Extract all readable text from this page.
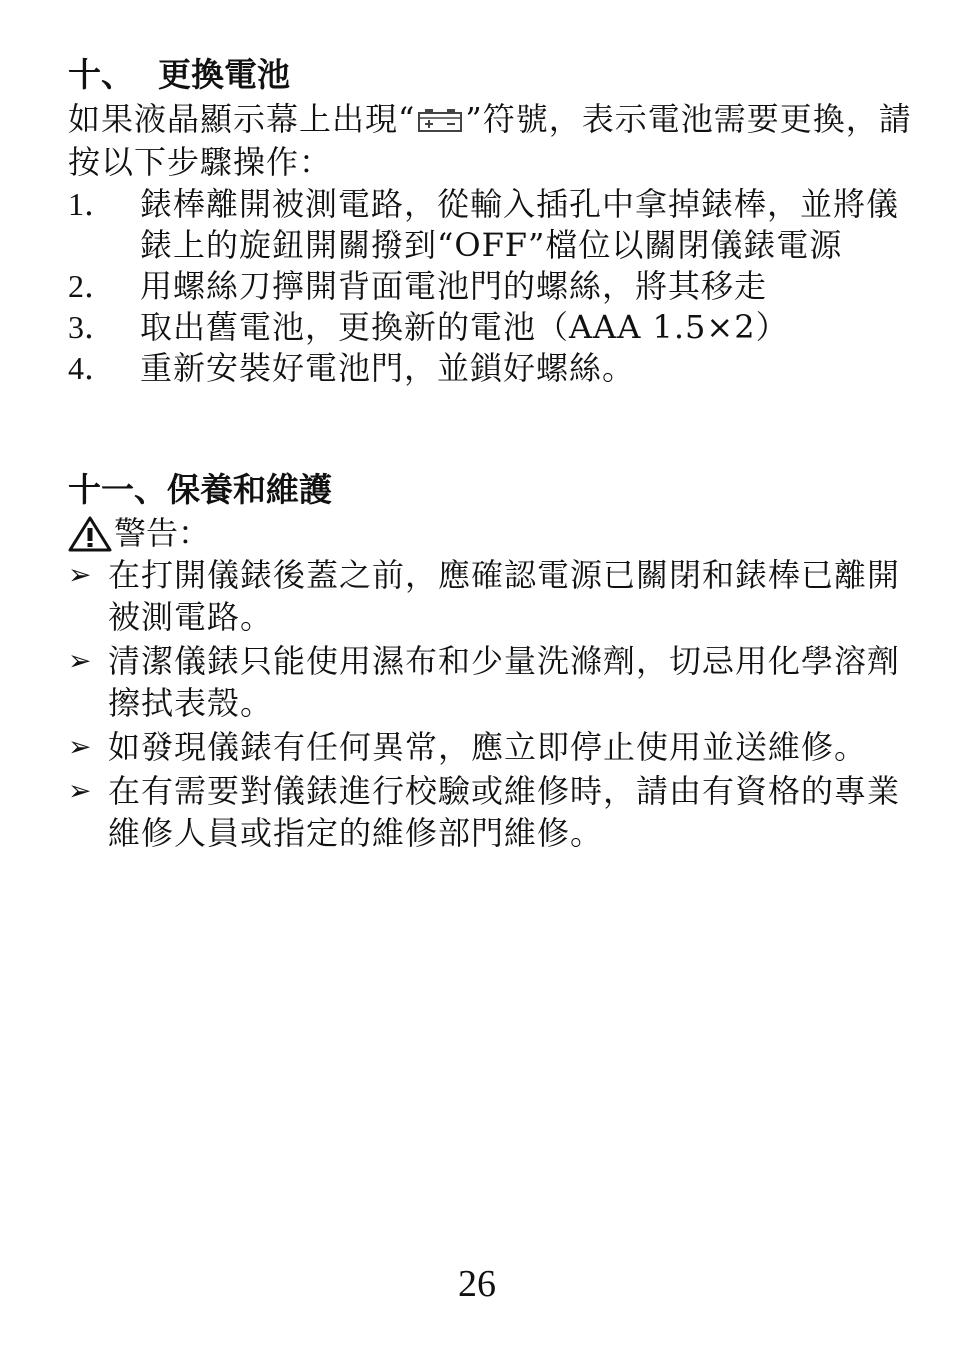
十、 更換電池
如果液晶顯示幕上出現“ ”符號，表示電池需要更換，請按以下步驟操作：
1． 錶棒離開被測電路，從輸入插孔中拿掉錶棒，並將儀錶上的旋鈕開關撥到“OFF”檔位以關閉儀錶電源
2． 用螺絲刀擰開背面電池門的螺絲，將其移走
3． 取出舊電池，更換新的電池（AAA 1.5×2）
4． 重新安裝好電池門，並鎖好螺絲。
十一、保養和維護
警告：
➢ 在打開儀錶後蓋之前，應確認電源已關閉和錶棒已離開被測電路。
➢ 清潔儀錶只能使用濕布和少量洗滌劑，切忌用化學溶劑擦拭表殼。
➢ 如發現儀錶有任何異常，應立即停止使用並送維修。
➢ 在有需要對儀錶進行校驗或維修時，請由有資格的專業維修人員或指定的維修部門維修。
26
